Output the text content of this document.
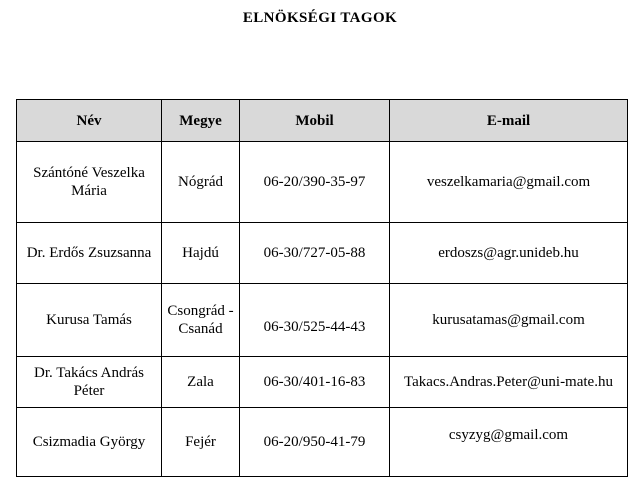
ELNÖKSÉGI TAGOK
Név	Megye	Mobil	E-mail
Szántóné Veszelka Mária	Nógrád	06-20/390-35-97	veszelkamaria@gmail.com
Dr. Erdős Zsuzsanna	Hajdú	06-30/727-05-88	erdoszs@agr.unideb.hu
Kurusa Tamás	Csongrád -Csanád	06-30/525-44-43	kurusatamas@gmail.com
Dr. Takács András Péter	Zala	06-30/401-16-83	Takacs.Andras.Peter@uni-mate.hu
Csizmadia György	Fejér	06-20/950-41-79	csyzyg@gmail.com
